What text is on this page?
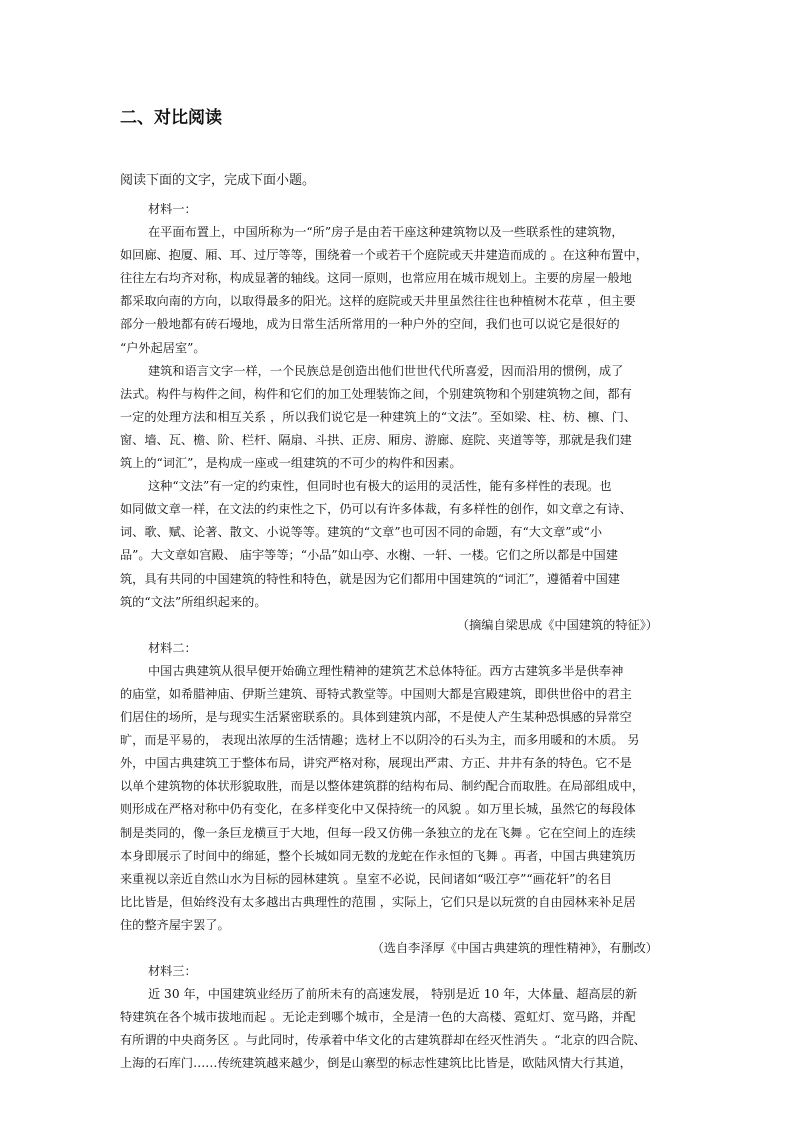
二、对比阅读
阅读下面的文字，完成下面小题。
材料一：
在平面布置上，中国所称为一“所”房子是由若干座这种建筑物以及一些联系性的建筑物，
如回廊、抱厦、厢、耳、过厅等等，围绕着一个或若干个庭院或天井建造而成的 。在这种布置中，
往往左右均齐对称，构成显著的轴线。这同一原则，也常应用在城市规划上。主要的房屋一般地
都采取向南的方向，以取得最多的阳光。这样的庭院或天井里虽然往往也种植树木花草 ，但主要
部分一般地都有砖石墁地，成为日常生活所常用的一种户外的空间，我们也可以说它是很好的
“户外起居室”。
建筑和语言文字一样，一个民族总是创造出他们世世代代所喜爱，因而沿用的惯例，成了
法式。构件与构件之间，构件和它们的加工处理装饰之间，个别建筑物和个别建筑物之间，都有
一定的处理方法和相互关系 ，所以我们说它是一种建筑上的“文法”。至如梁、柱、枋、檩、门、
窗、墙、瓦、檐、阶、栏杆、隔扇、斗拱、正房、厢房、游廊、庭院、夹道等等，那就是我们建
筑上的“词汇”，是构成一座或一组建筑的不可少的构件和因素。
这种“文法”有一定的约束性，但同时也有极大的运用的灵活性，能有多样性的表现。也
如同做文章一样，在文法的约束性之下，仍可以有许多体裁，有多样性的创作，如文章之有诗、
词、歌、赋、论著、散文、小说等等。建筑的“文章”也可因不同的命题，有“大文章”或“小
品”。大文章如宫殿、 庙宇等等；“小品”如山亭、水榭、一轩、一楼。它们之所以都是中国建
筑，具有共同的中国建筑的特性和特色，就是因为它们都用中国建筑的“词汇”，遵循着中国建
筑的“文法”所组织起来的。
（摘编自梁思成《中国建筑的特征》）
材料二：
中国古典建筑从很早便开始确立理性精神的建筑艺术总体特征。西方古建筑多半是供奉神
的庙堂，如希腊神庙、伊斯兰建筑、哥特式教堂等。中国则大都是宫殿建筑，即供世俗中的君主
们居住的场所，是与现实生活紧密联系的。具体到建筑内部，不是使人产生某种恐惧感的异常空
旷，而是平易的， 表现出浓厚的生活情趣；选材上不以阴冷的石头为主，而多用暖和的木质。 另
外，中国古典建筑工于整体布局，讲究严格对称，展现出严肃、方正、井井有条的特色。它不是
以单个建筑物的体状形貌取胜，而是以整体建筑群的结构布局、制约配合而取胜。在局部组成中，
则形成在严格对称中仍有变化，在多样变化中又保持统一的风貌 。如万里长城，虽然它的每段体
制是类同的，像一条巨龙横亘于大地，但每一段又仿佛一条独立的龙在飞舞 。它在空间上的连续
本身即展示了时间中的绵延，整个长城如同无数的龙蛇在作永恒的飞舞 。再者，中国古典建筑历
来重视以亲近自然山水为目标的园林建筑 。皇室不必说，民间诸如“吸江亭”“画花轩”的名目
比比皆是，但始终没有太多越出古典理性的范围 ，实际上，它们只是以玩赏的自由园林来补足居
住的整齐屋宇罢了。
（选自李泽厚《中国古典建筑的理性精神》，有删改）
材料三：
近 30 年，中国建筑业经历了前所未有的高速发展， 特别是近 10 年，大体量、超高层的新
特建筑在各个城市拔地而起 。无论走到哪个城市，全是清一色的大高楼、霓虹灯、宽马路，并配
有所谓的中央商务区 。与此同时，传承着中华文化的古建筑群却在经灭性消失 。“北京的四合院、
上海的石库门……传统建筑越来越少，倒是山寨型的标志性建筑比比皆是，欧陆风情大行其道，
